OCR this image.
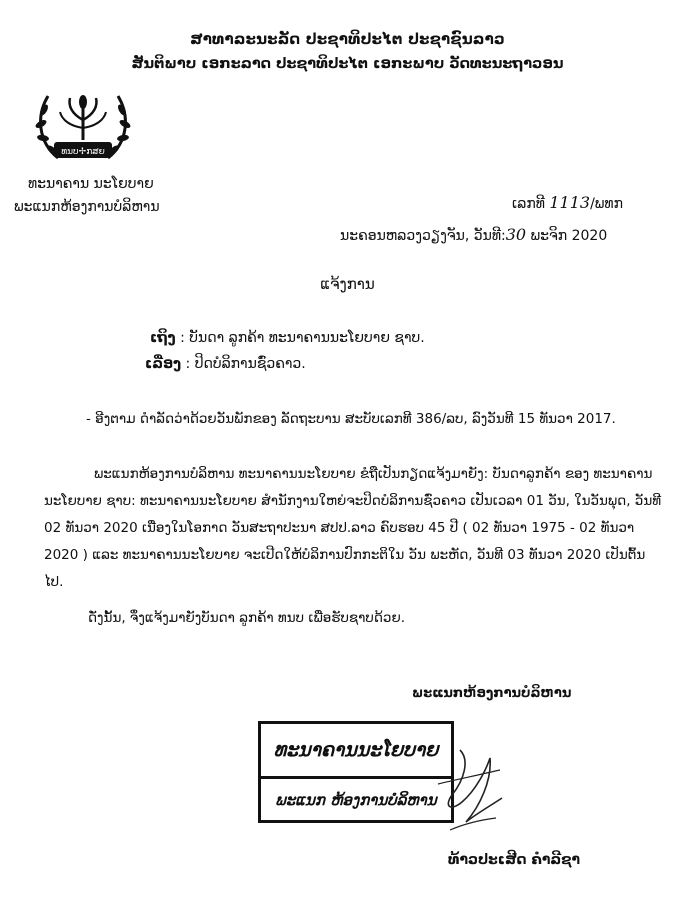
ສາທາລະນະລັດ ປະຊາທິປະໄຕ ປະຊາຊົນລາວ
ສັນຕິພາບ ເອກະລາດ ປະຊາທິປະໄຕ ເອກະພາບ ວັດທະນະຖາວອນ
ທນບ✢ກສຍ
ທະນາຄານ ນະໂຍບາຍ
ພະແນກຫ້ອງການບໍລິຫານ	ເລກທີ 1113/ພທກ
ນະຄອນຫລວງວຽງຈັນ, ວັນທີ:30 ພະຈິກ 2020
ແຈ້ງການ
ເຖິງ : ບັນດາ ລູກຄ້າ ທະນາຄານນະໂຍບາຍ ຊາບ.
ເລື່ອງ : ປິດບໍລິການຊົ່ວຄາວ.
- ອີງຕາມ ດຳລັດວ່າດ້ວຍວັນພັກຂອງ ລັດຖະບານ ສະບັບເລກທີ 386/ລບ, ລົງວັນທີ 15 ທັນວາ 2017.
ພະແນກຫ້ອງການບໍລິຫານ ທະນາຄານນະໂຍບາຍ ຂໍຖືເປັນກຽດແຈ້ງມາຍັງ: ບັນດາລູກຄ້າ ຂອງ ທະນາຄານນະໂຍບາຍ ຊາບ: ທະນາຄານນະໂຍບາຍ ສຳນັກງານໃຫຍ່ຈະປິດບໍລິການຊົ່ວຄາວ ເປັນເວລາ 01 ວັນ, ໃນວັນພຸດ, ວັນທີ 02 ທັນວາ 2020 ເນື່ອງໃນໂອກາດ ວັນສະຖາປະນາ ສປປ.ລາວ ຄົບຮອບ 45 ປີ ( 02 ທັນວາ 1975 - 02 ທັນວາ 2020 ) ແລະ ທະນາຄານນະໂຍບາຍ ຈະເປີດໃຫ້ບໍລິການປົກກະຕິໃນ ວັນ ພະຫັດ, ວັນທີ 03 ທັນວາ 2020 ເປັນຕົ້ນໄປ.
ດັ່ງນັ້ນ, ຈຶ່ງແຈ້ງມາຍັງບັນດາ ລູກຄ້າ ທນບ ເພື່ອຮັບຊາບດ້ວຍ.
ພະແນກຫ້ອງການບໍລິຫານ
ທະນາຄານນະໂຍບາຍ
ພະແນກ ຫ້ອງການບໍລິຫານ
ທ້າວປະເສີດ ຄຳລີຊາ
